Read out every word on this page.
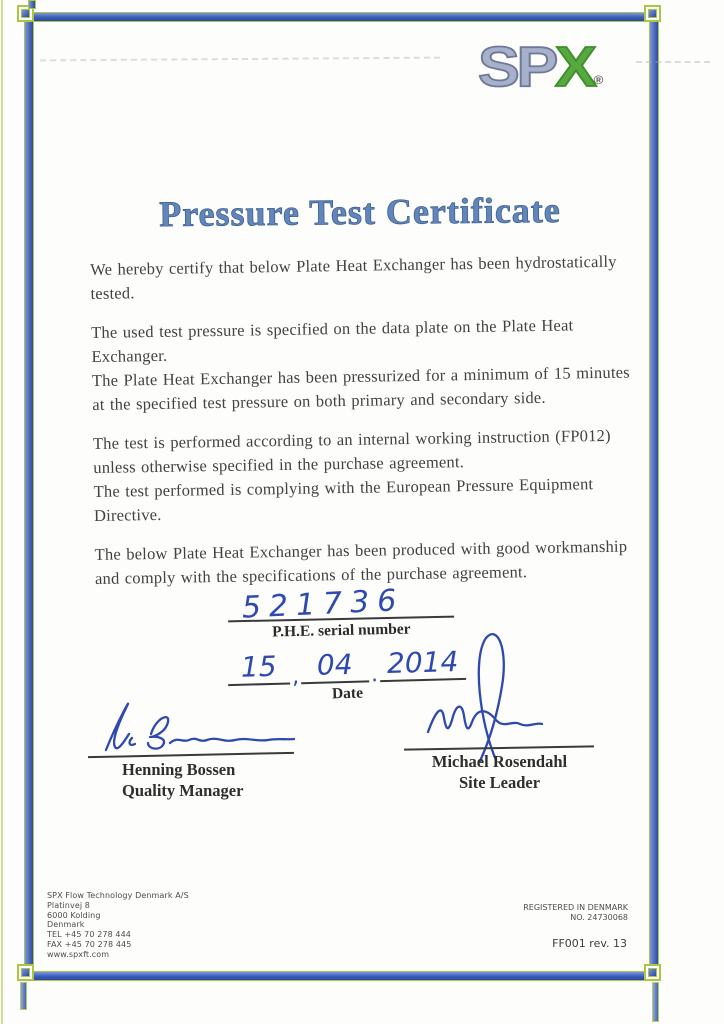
SPX®
Pressure Test Certificate
We hereby certify that below Plate Heat Exchanger has been hydrostatically
tested.
The used test pressure is specified on the data plate on the Plate Heat
Exchanger.
The Plate Heat Exchanger has been pressurized for a minimum of 15 minutes
at the specified test pressure on both primary and secondary side.
The test is performed according to an internal working instruction (FP012)
unless otherwise specified in the purchase agreement.
The test performed is complying with the European Pressure Equipment
Directive.
The below Plate Heat Exchanger has been produced with good workmanship
and comply with the specifications of the purchase agreement.
521736
P.H.E. serial number
15 , 04 . 2014
Date
Henning Bossen
Quality Manager
Michael Rosendahl
Site Leader
SPX Flow Technology Denmark A/S
Platinvej 8
6000 Kolding
Denmark
TEL +45 70 278 444
FAX +45 70 278 445
www.spxft.com
REGISTERED IN DENMARK
NO. 24730068
FF001 rev. 13
